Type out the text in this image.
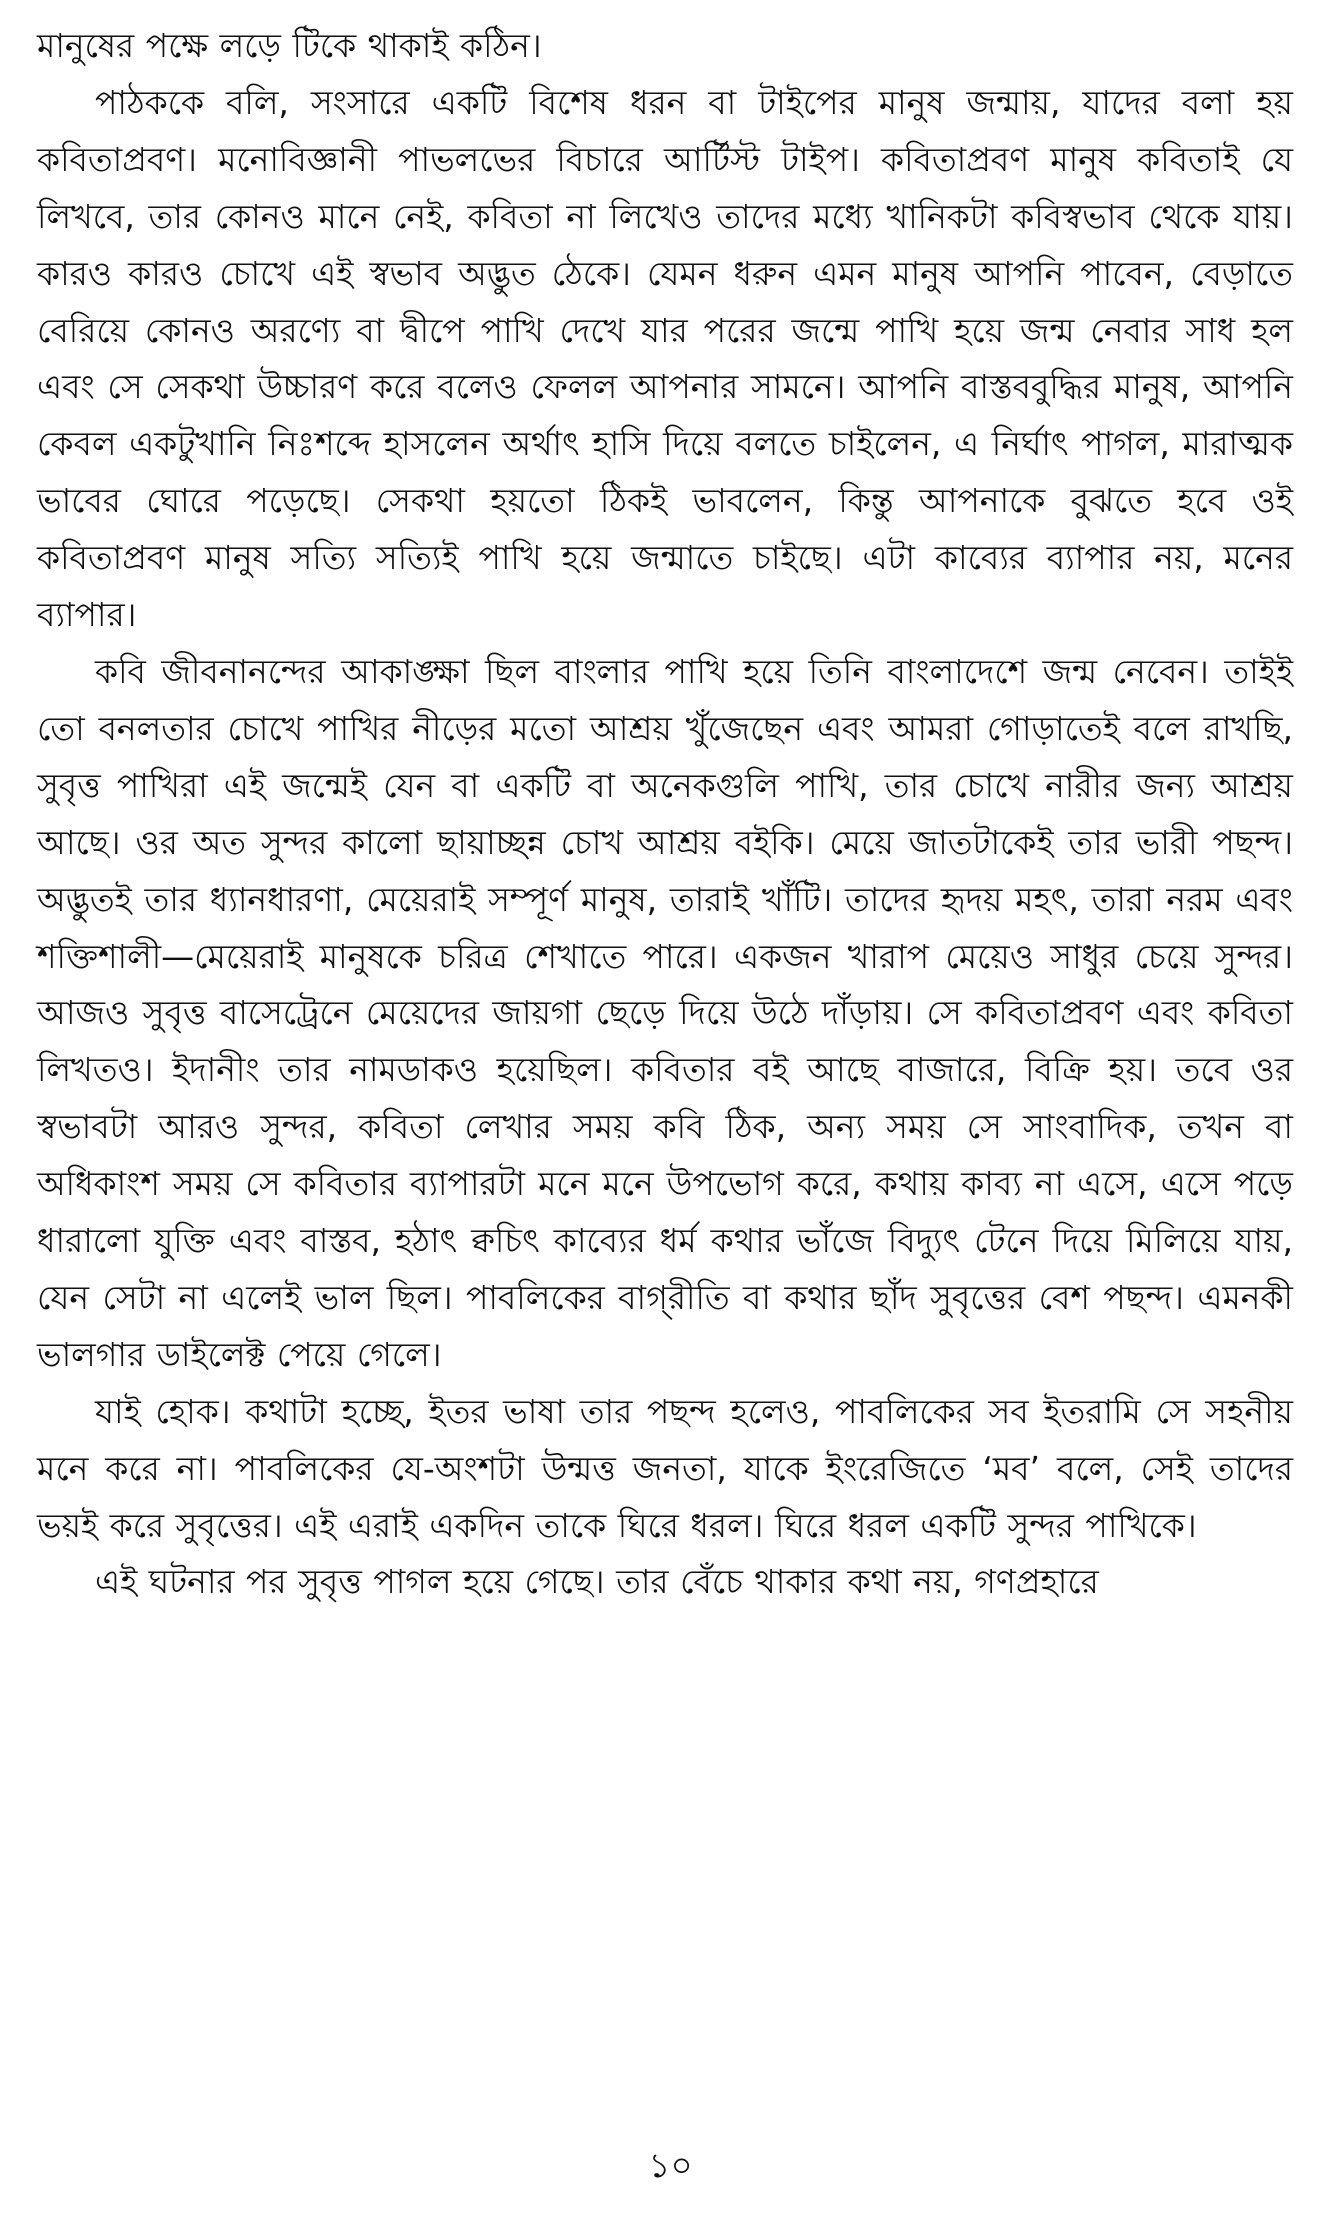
মানুষের পক্ষে লড়ে টিকে থাকাই কঠিন।

পাঠককে বলি, সংসারে একটি বিশেষ ধরন বা টাইপের মানুষ জন্মায়, যাদের বলা হয় কবিতাপ্রবণ। মনোবিজ্ঞানী পাভলভের বিচারে আর্টিস্ট টাইপ। কবিতাপ্রবণ মানুষ কবিতাই যে লিখবে, তার কোনও মানে নেই, কবিতা না লিখেও তাদের মধ্যে খানিকটা কবিস্বভাব থেকে যায়। কারও কারও চোখে এই স্বভাব অদ্ভুত ঠেকে। যেমন ধরুন এমন মানুষ আপনি পাবেন, বেড়াতে বেরিয়ে কোনও অরণ্যে বা দ্বীপে পাখি দেখে যার পরের জন্মে পাখি হয়ে জন্ম নেবার সাধ হল এবং সে সেকথা উচ্চারণ করে বলেও ফেলল আপনার সামনে। আপনি বাস্তববুদ্ধির মানুষ, আপনি কেবল একটুখানি নিঃশব্দে হাসলেন অর্থাৎ হাসি দিয়ে বলতে চাইলেন, এ নির্ঘাৎ পাগল, মারাত্মক ভাবের ঘোরে পড়েছে। সেকথা হয়তো ঠিকই ভাবলেন, কিন্তু আপনাকে বুঝতে হবে ওই কবিতাপ্রবণ মানুষ সত্যি সত্যিই পাখি হয়ে জন্মাতে চাইছে। এটা কাব্যের ব্যাপার নয়, মনের ব্যাপার।

কবি জীবনানন্দের আকাঙ্ক্ষা ছিল বাংলার পাখি হয়ে তিনি বাংলাদেশে জন্ম নেবেন। তাইই তো বনলতার চোখে পাখির নীড়ের মতো আশ্রয় খুঁজেছেন এবং আমরা গোড়াতেই বলে রাখছি, সুবৃত্ত পাখিরা এই জন্মেই যেন বা একটি বা অনেকগুলি পাখি, তার চোখে নারীর জন্য আশ্রয় আছে। ওর অত সুন্দর কালো ছায়াচ্ছন্ন চোখ আশ্রয় বইকি। মেয়ে জাতটাকেই তার ভারী পছন্দ। অদ্ভুতই তার ধ্যানধারণা, মেয়েরাই সম্পূর্ণ মানুষ, তারাই খাঁটি। তাদের হৃদয় মহৎ, তারা নরম এবং শক্তিশালী—মেয়েরাই মানুষকে চরিত্র শেখাতে পারে। একজন খারাপ মেয়েও সাধুর চেয়ে সুন্দর। আজও সুবৃত্ত বাসেট্রেনে মেয়েদের জায়গা ছেড়ে দিয়ে উঠে দাঁড়ায়। সে কবিতাপ্রবণ এবং কবিতা লিখতও। ইদানীং তার নামডাকও হয়েছিল। কবিতার বই আছে বাজারে, বিক্রি হয়। তবে ওর স্বভাবটা আরও সুন্দর, কবিতা লেখার সময় কবি ঠিক, অন্য সময় সে সাংবাদিক, তখন বা অধিকাংশ সময় সে কবিতার ব্যাপারটা মনে মনে উপভোগ করে, কথায় কাব্য না এসে, এসে পড়ে ধারালো যুক্তি এবং বাস্তব, হঠাৎ ক্বচিৎ কাব্যের ধর্ম কথার ভাঁজে বিদ্যুৎ টেনে দিয়ে মিলিয়ে যায়, যেন সেটা না এলেই ভাল ছিল। পাবলিকের বাগ্‌রীতি বা কথার ছাঁদ সুবৃত্তের বেশ পছন্দ। এমনকী ভালগার ডাইলেক্ট পেয়ে গেলে।

যাই হোক। কথাটা হচ্ছে, ইতর ভাষা তার পছন্দ হলেও, পাবলিকের সব ইতরামি সে সহনীয় মনে করে না। পাবলিকের যে-অংশটা উন্মত্ত জনতা, যাকে ইংরেজিতে ‘মব’ বলে, সেই তাদের ভয়ই করে সুবৃত্তের। এই এরাই একদিন তাকে ঘিরে ধরল। ঘিরে ধরল একটি সুন্দর পাখিকে।

এই ঘটনার পর সুবৃত্ত পাগল হয়ে গেছে। তার বেঁচে থাকার কথা নয়, গণপ্রহারে

১০
